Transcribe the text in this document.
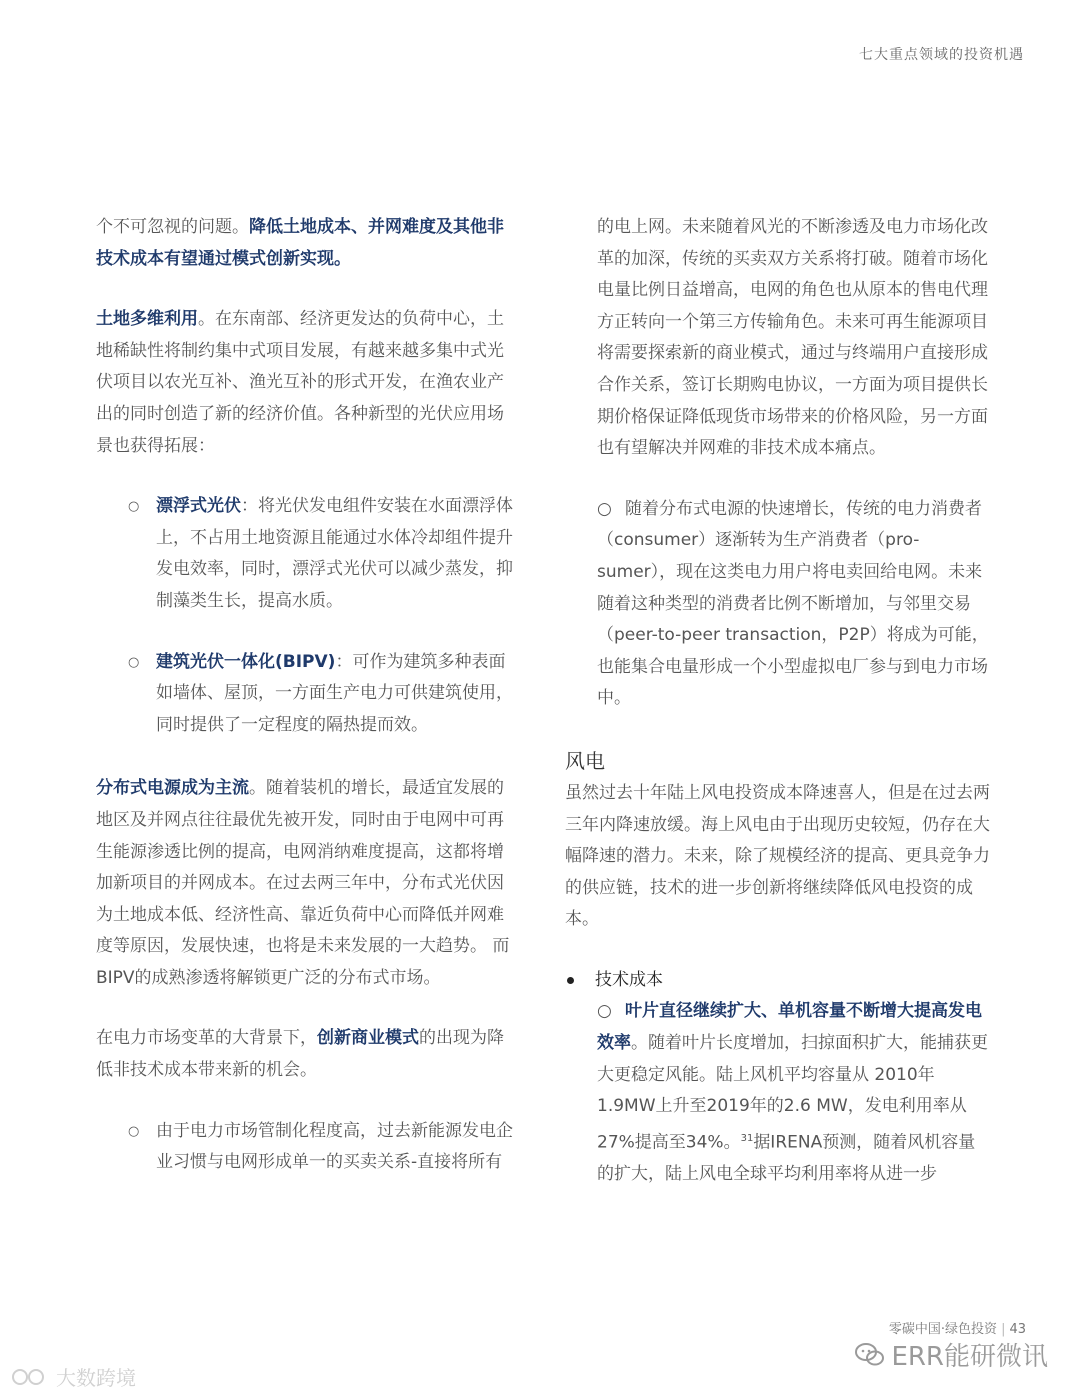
七大重点领域的投资机遇

个不可忽视的问题。降低土地成本、并网难度及其他非技术成本有望通过模式创新实现。

土地多维利用。在东南部、经济更发达的负荷中心，土地稀缺性将制约集中式项目发展，有越来越多集中式光伏项目以农光互补、渔光互补的形式开发，在渔农业产出的同时创造了新的经济价值。各种新型的光伏应用场景也获得拓展：

○ 漂浮式光伏：将光伏发电组件安装在水面漂浮体上，不占用土地资源且能通过水体冷却组件提升发电效率，同时，漂浮式光伏可以减少蒸发，抑制藻类生长，提高水质。
○ 建筑光伏一体化(BIPV)：可作为建筑多种表面如墙体、屋顶，一方面生产电力可供建筑使用，同时提供了一定程度的隔热提而效。

分布式电源成为主流。随着装机的增长，最适宜发展的地区及并网点往往最优先被开发，同时由于电网中可再生能源渗透比例的提高，电网消纳难度提高，这都将增加新项目的并网成本。在过去两三年中，分布式光伏因为土地成本低、经济性高、靠近负荷中心而降低并网难度等原因，发展快速，也将是未来发展的一大趋势。 而BIPV的成熟渗透将解锁更广泛的分布式市场。

在电力市场变革的大背景下，创新商业模式的出现为降低非技术成本带来新的机会。

○ 由于电力市场管制化程度高，过去新能源发电企业习惯与电网形成单一的买卖关系-直接将所有
的电上网。未来随着风光的不断渗透及电力市场化改革的加深，传统的买卖双方关系将打破。随着市场化电量比例日益增高，电网的角色也从原本的售电代理方正转向一个第三方传输角色。未来可再生能源项目将需要探索新的商业模式，通过与终端用户直接形成合作关系，签订长期购电协议，一方面为项目提供长期价格保证降低现货市场带来的价格风险，另一方面也有望解决并网难的非技术成本痛点。
○ 随着分布式电源的快速增长，传统的电力消费者（consumer）逐渐转为生产消费者（pro-sumer），现在这类电力用户将电卖回给电网。未来随着这种类型的消费者比例不断增加，与邻里交易（peer-to-peer transaction，P2P）将成为可能，也能集合电量形成一个小型虚拟电厂参与到电力市场中。

风电

虽然过去十年陆上风电投资成本降速喜人，但是在过去两三年内降速放缓。海上风电由于出现历史较短，仍存在大幅降速的潜力。未来，除了规模经济的提高、更具竞争力的供应链，技术的进一步创新将继续降低风电投资的成本。

技术成本
○ 叶片直径继续扩大、单机容量不断增大提高发电效率。随着叶片长度增加，扫掠面积扩大，能捕获更大更稳定风能。陆上风机平均容量从 2010年1.9MW上升至2019年的2.6 MW，发电利用率从27%提高至34%。$^{31}$据IRENA预测，随着风机容量的扩大，陆上风电全球平均利用率将从进一步
零碳中国·绿色投资 | 43
ERR能研微讯
大数跨境
